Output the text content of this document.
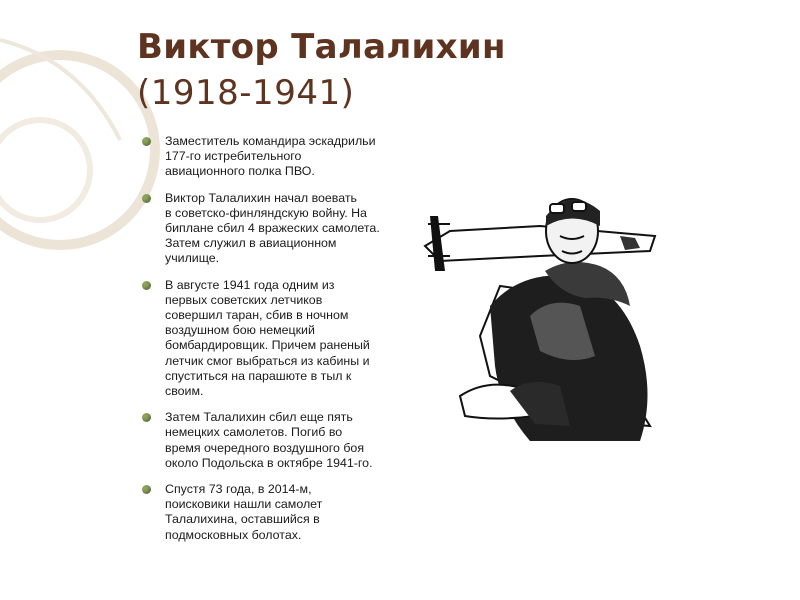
Виктор Талалихин
(1918-1941)
Заместитель командира эскадрильи
177-го истребительного
авиационного полка ПВО.
Виктор Талалихин начал воевать
в советско-финляндскую войну. На
биплане сбил 4 вражеских самолета.
Затем служил в авиационном
училище.
В августе 1941 года одним из
первых советских летчиков
совершил таран, сбив в ночном
воздушном бою немецкий
бомбардировщик. Причем раненый
летчик смог выбраться из кабины и
спуститься на парашюте в тыл к
своим.
Затем Талалихин сбил еще пять
немецких самолетов. Погиб во
время очередного воздушного боя
около Подольска в октябре 1941-го.
Спустя 73 года, в 2014-м,
поисковики нашли самолет
Талалихина, оставшийся в
подмосковных болотах.
